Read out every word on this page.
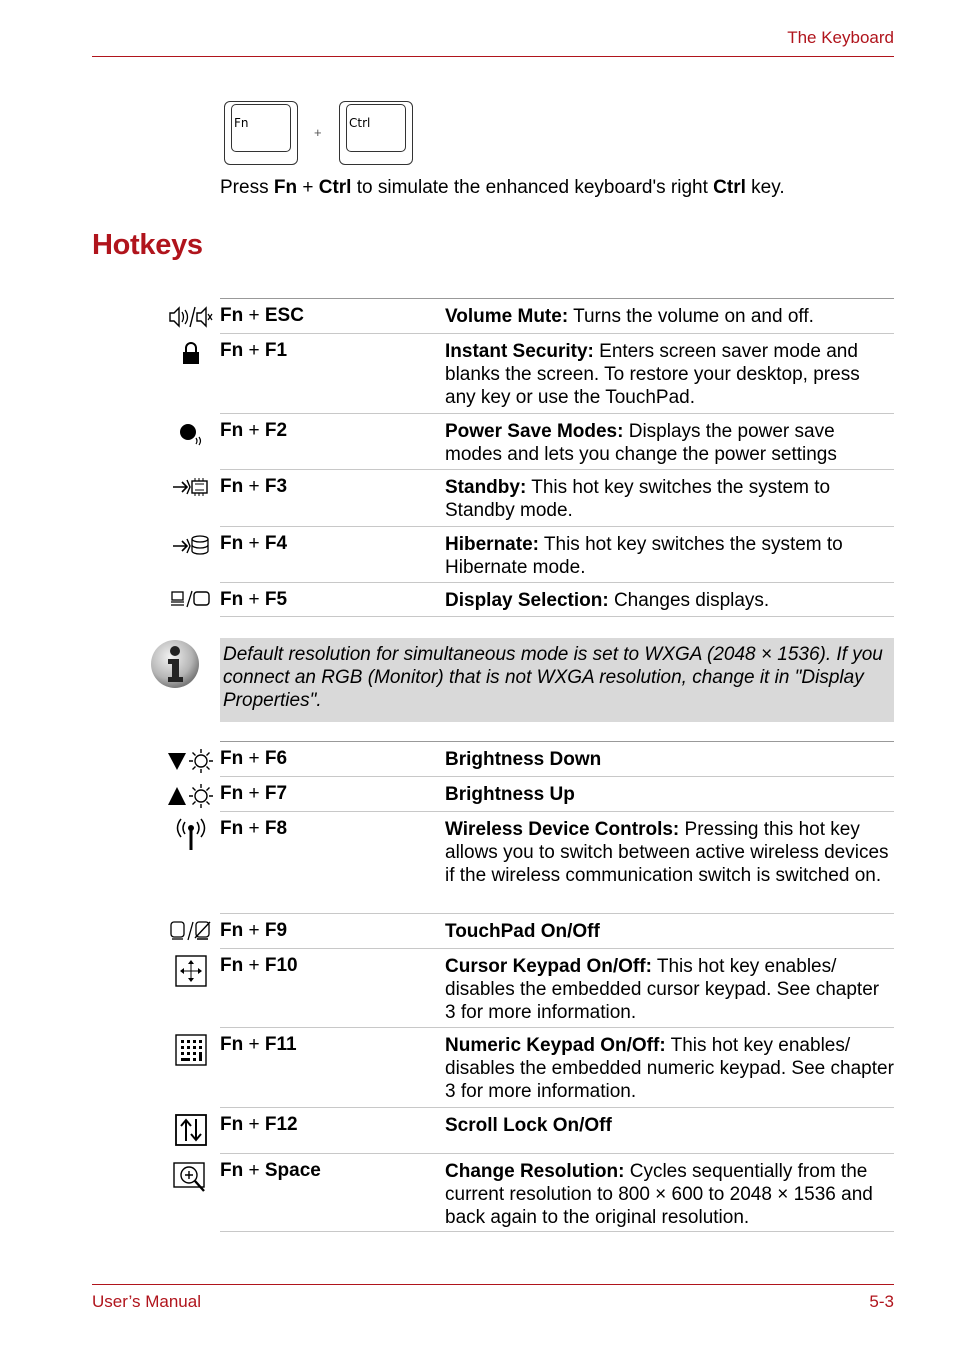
The Keyboard
Fn
+
Ctrl
Press Fn + Ctrl to simulate the enhanced keyboard's right Ctrl key.
Hotkeys
Fn + ESC	Volume Mute: Turns the volume on and off.
Fn + F1	Instant Security: Enters screen saver mode and blanks the screen. To restore your desktop, press any key or use the TouchPad.
Fn + F2	Power Save Modes: Displays the power save modes and lets you change the power settings
Fn + F3	Standby: This hot key switches the system to Standby mode.
Fn + F4	Hibernate: This hot key switches the system to Hibernate mode.
Fn + F5	Display Selection: Changes displays.
Default resolution for simultaneous mode is set to WXGA (2048 × 1536). If you connect an RGB (Monitor) that is not WXGA resolution, change it in "Display Properties".
Fn + F6	Brightness Down
Fn + F7	Brightness Up
Fn + F8	Wireless Device Controls: Pressing this hot key allows you to switch between active wireless devices if the wireless communication switch is switched on.
Fn + F9	TouchPad On/Off
Fn + F10	Cursor Keypad On/Off: This hot key enables/ disables the embedded cursor keypad. See chapter 3 for more information.
Fn + F11	Numeric Keypad On/Off: This hot key enables/ disables the embedded numeric keypad. See chapter 3 for more information.
Fn + F12	Scroll Lock On/Off
Fn + Space	Change Resolution: Cycles sequentially from the current resolution to 800 × 600 to 2048 × 1536 and back again to the original resolution.
User’s Manual	5-3
